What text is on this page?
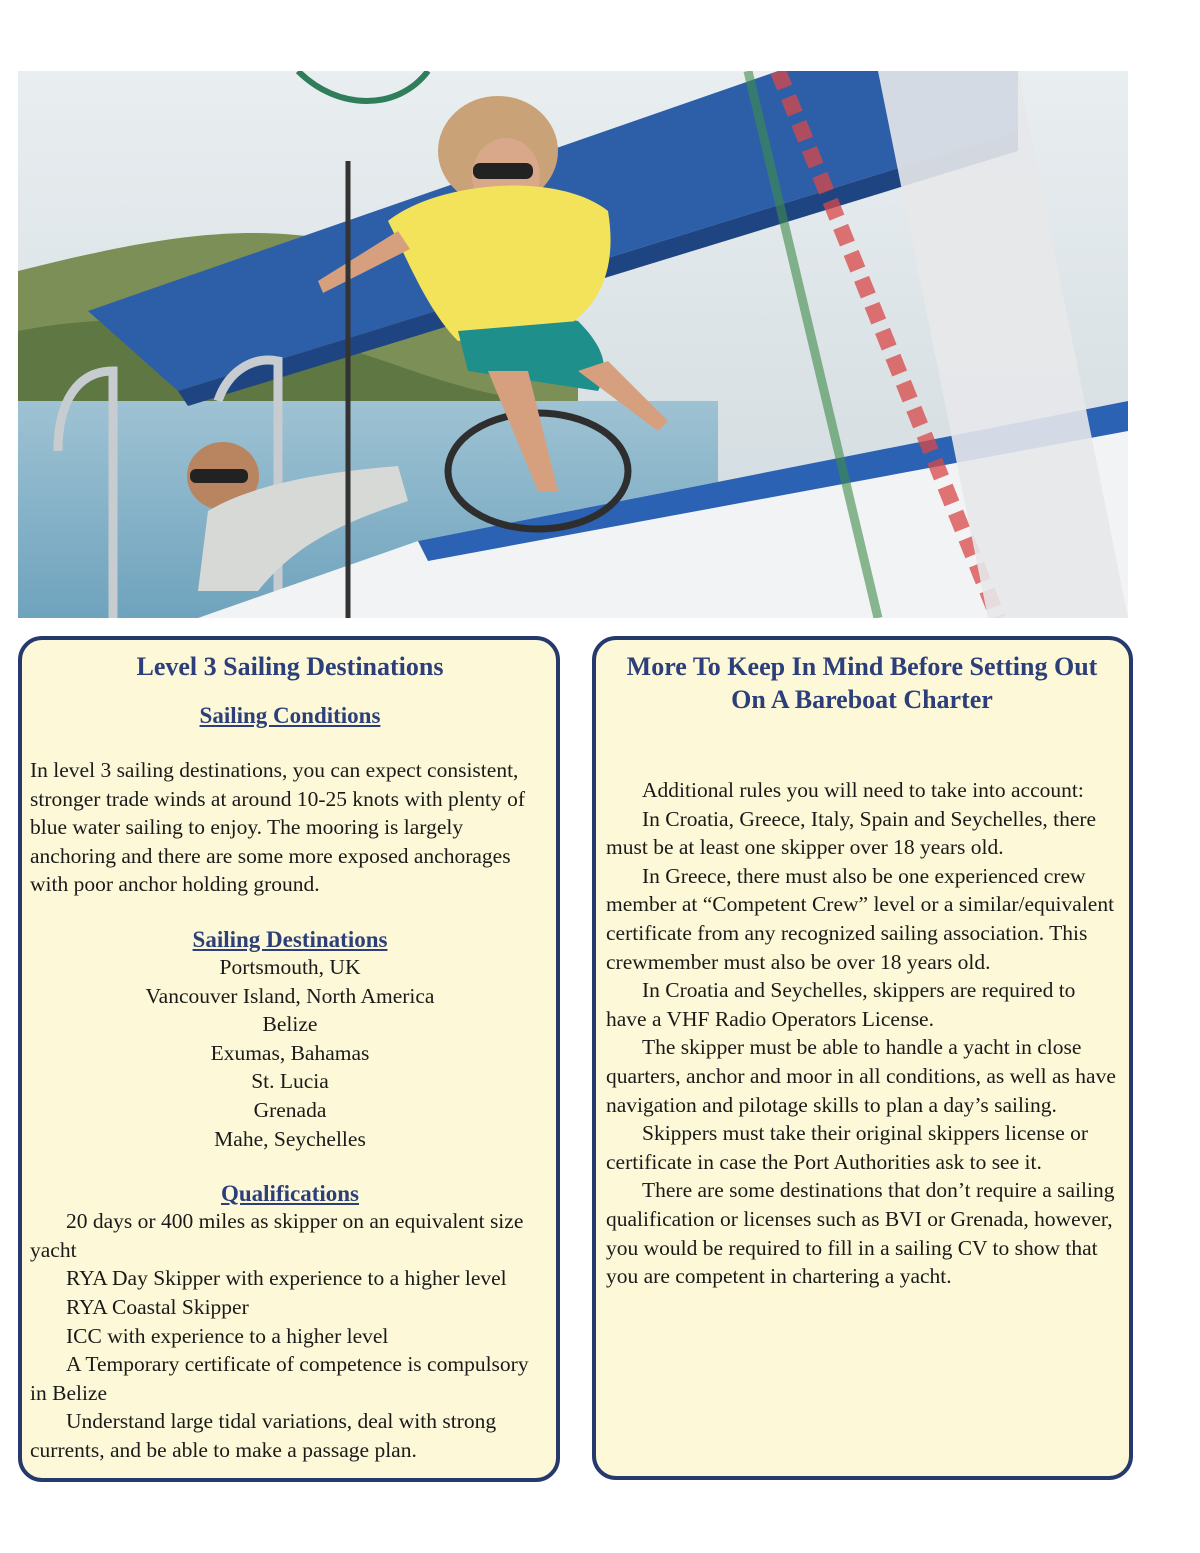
Level 3 Sailing Destinations
Sailing Conditions

In level 3 sailing destinations, you can expect consistent, stronger trade winds at around 10-25 knots with plenty of blue water sailing to enjoy. The mooring is largely anchoring and there are some more exposed anchorages with poor anchor holding ground.

Sailing Destinations

Portsmouth, UK

Vancouver Island, North America

Belize

Exumas, Bahamas

St. Lucia

Grenada

Mahe, Seychelles

Qualifications

20 days or 400 miles as skipper on an equivalent size yacht

RYA Day Skipper with experience to a higher level

RYA Coastal Skipper

ICC with experience to a higher level

A Temporary certificate of competence is compulsory in Belize

Understand large tidal variations, deal with strong currents, and be able to make a passage plan.

More To Keep In Mind Before Setting Out On A Bareboat Charter

Additional rules you will need to take into account:

In Croatia, Greece, Italy, Spain and Seychelles, there must be at least one skipper over 18 years old.

In Greece, there must also be one experienced crew member at “Competent Crew” level or a similar/equivalent certificate from any recognized sailing association. This crewmember must also be over 18 years old.

In Croatia and Seychelles, skippers are required to have a VHF Radio Operators License.

The skipper must be able to handle a yacht in close quarters, anchor and moor in all conditions, as well as have navigation and pilotage skills to plan a day’s sailing.

Skippers must take their original skippers license or certificate in case the Port Authorities ask to see it.

There are some destinations that don’t require a sailing qualification or licenses such as BVI or Grenada, however, you would be required to fill in a sailing CV to show that you are competent in chartering a yacht.
